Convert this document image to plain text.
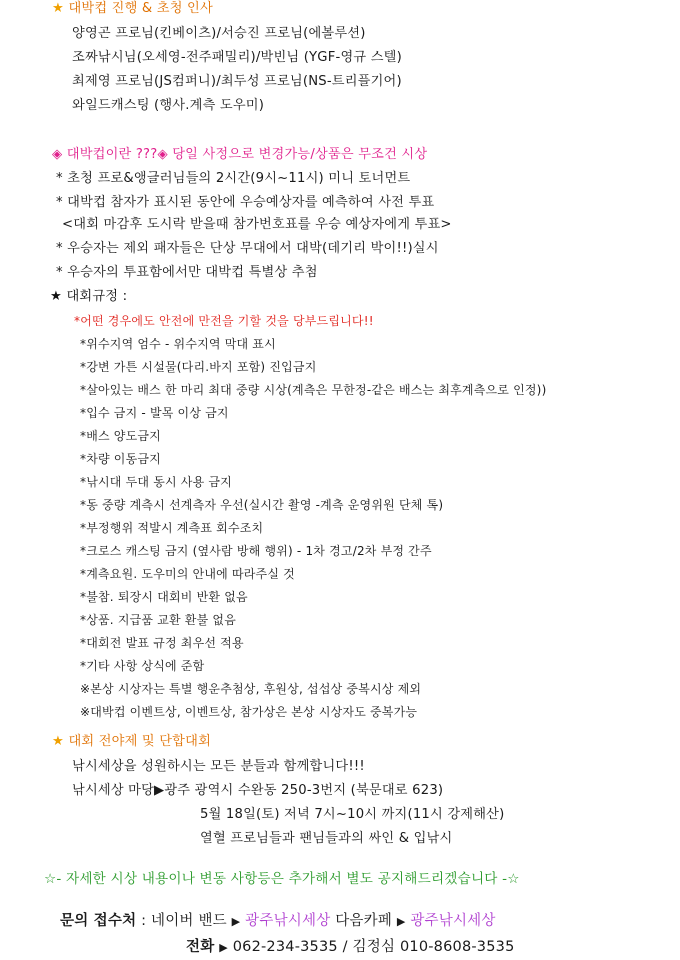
★ 대박컵 진행 & 초청 인사
양영곤 프로님(킨베이츠)/서승진 프로님(에볼루션)
조짜낚시님(오세영-전주패밀리)/박빈님 (YGF-영규 스텔)
최제영 프로님(JS컴퍼니)/최두성 프로님(NS-트리플기어)
와일드캐스팅 (행사.계측 도우미)
◈ 대박컵이란 ???◈ 당일 사정으로 변경가능/상품은 무조건 시상
* 초청 프로&앵글러님들의 2시간(9시~11시) 미니 토너먼트
* 대박컵 참자가 표시된 동안에 우승예상자를 예측하여 사전 투표
<대회 마감후 도시락 받을때 참가번호표를 우승 예상자에게 투표>
* 우승자는 제외 패자들은 단상 무대에서 대박(데기리 박이!!)실시
* 우승자의 투표함에서만 대박컵 특별상 추첨
★ 대회규정 :
*어떤 경우에도 안전에 만전을 기할 것을 당부드립니다!!
*위수지역 엄수 - 위수지역 막대 표시
*강변 가튼 시설물(다리.바지 포함) 진입금지
*살아있는 배스 한 마리 최대 중량 시상(계측은 무한정-같은 배스는 최후계측으로 인정))
*입수 금지 - 발목 이상 금지
*배스 양도금지
*차량 이동금지
*낚시대 두대 동시 사용 금지
*동 중량 계측시 선계측자 우선(실시간 촬영 -계측 운영위원 단체 톡)
*부정행위 적발시 계측표 회수조치
*크로스 캐스팅 금지 (옆사람 방해 행위) - 1차 경고/2차 부정 간주
*계측요원. 도우미의 안내에 따라주실 것
*불참. 퇴장시 대회비 반환 없음
*상품. 지급품 교환 환불 없음
*대회전 발표 규정 최우선 적용
*기타 사항 상식에 준함
※본상 시상자는 특별 행운추첨상, 후원상, 섭섭상 중복시상 제외
※대박컵 이벤트상, 이벤트상, 참가상은 본상 시상자도 중복가능
★ 대회 전야제 및 단합대회
낚시세상을 성원하시는 모든 분들과 함께합니다!!!
낚시세상 마당▶광주 광역시 수완동 250-3번지 (북문대로 623)
5월 18일(토) 저녁 7시~10시 까지(11시 강제해산)
열혈 프로님들과 팬님들과의 싸인 & 입낚시
☆- 자세한 시상 내용이나 변동 사항등은 추가해서 별도 공지해드리겠습니다 -☆
문의 접수처 : 네이버 밴드 ▶ 광주낚시세상 다음카페 ▶ 광주낚시세상
전화 ▶ 062-234-3535 / 김정심 010-8608-3535
